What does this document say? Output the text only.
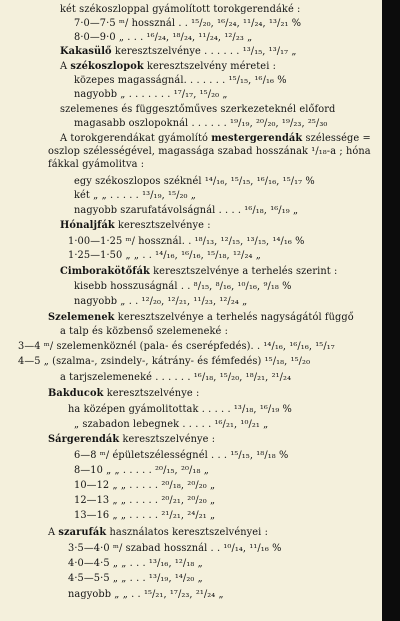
két székoszloppal gyámolított torokgerendáké :
7·0—7·5 ᵐ/ hossznál . . ¹⁵/₂₀, ¹⁶/₂₄, ¹¹/₂₄, ¹³/₂₁ %
8·0—9·0 „ . . . ¹⁶/₂₄, ¹⁸/₂₄, ¹¹/₂₄, ¹²/₂₃ „
Kakasülő keresztszelvénye . . . . . . ¹³/₁₅, ¹³/₁₇ „
A székoszlopok keresztszelvény méretei :
közepes magasságnál. . . . . . . ¹⁵/₁₅, ¹⁶/₁₆ %
nagyobb „ . . . . . . . ¹⁷/₁₇, ¹⁵/₂₀ „
szelemenes és függesztőműves szerkezeteknél előford
magasabb oszlopoknál . . . . . . ¹⁹/₁₉, ²⁰/₂₀, ¹⁹/₂₃, ²⁵/₃₀
A torokgerendákat gyámolító mestergerendák szélessége =
oszlop szélességével, magassága szabad hosszának ¹/₁₈-a ; hóna
fákkal gyámolitva :
egy székoszlopos széknél ¹⁴/₁₆, ¹⁵/₁₅, ¹⁶/₁₆, ¹⁵/₁₇ %
két „ „ . . . . . ¹³/₁₉, ¹⁵/₂₀ „
nagyobb szarufatávolságnál . . . . ¹⁶/₁₈, ¹⁶/₁₉ „
Hónaljfák keresztszelvénye :
1·00—1·25 ᵐ/ hossznál. . ¹⁸/₁₃, ¹²/₁₅, ¹³/₁₅, ¹⁴/₁₆ %
1·25—1·50 „ „ . . ¹⁴/₁₆, ¹⁶/₁₆, ¹⁵/₁₈, ¹²/₂₄ „
Cimborakötőfák keresztszelvénye a terhelés szerint :
kisebb hosszuságnál . . ⁸/₁₅, ⁸/₁₆, ¹⁰/₁₆, ⁹/₁₈ %
nagyobb „ . . ¹²/₂₀, ¹²/₂₁, ¹¹/₂₃, ¹²/₂₄ „
Szelemenek keresztszelvénye a terhelés nagyságától függő
a talp és közbenső szelemeneké :
3—4 ᵐ/ szelemenköznél (pala- és cserépfedés). . ¹⁴/₁₆, ¹⁶/₁₆, ¹⁵/₁₇
4—5 „ (szalma-, zsindely-, kátrány- és fémfedés) ¹⁵/₁₈, ¹⁵/₂₀
a tarjszelemeneké . . . . . . ¹⁶/₁₈, ¹⁵/₂₀, ¹⁸/₂₁, ²¹/₂₄
Bakducok keresztszelvénye :
ha középen gyámolitottak . . . . . ¹³/₁₈, ¹⁶/₁₉ %
„ szabadon lebegnek . . . . . ¹⁶/₂₁, ¹⁰/₂₁ „
Sárgerendák keresztszelvénye :
6—8 ᵐ/ épületszélességnél . . . ¹⁵/₁₅, ¹⁸/₁₈ %
8—10 „ „ . . . . . ²⁰/₁₅, ²⁰/₁₈ „
10—12 „ „ . . . . . ²⁰/₁₈, ²⁰/₂₀ „
12—13 „ „ . . . . . ²⁰/₂₁, ²⁰/₂₀ „
13—16 „ „ . . . . . ²¹/₂₁, ²⁴/₂₁ „
A szarufák használatos keresztszelvényei :
3·5—4·0 ᵐ/ szabad hossznál . . ¹⁰/₁₄, ¹¹/₁₆ %
4·0—4·5 „ „ . . . ¹³/₁₆, ¹²/₁₈ „
4·5—5·5 „ „ . . . ¹³/₁₉, ¹⁴/₂₀ „
nagyobb „ „ . . ¹⁵/₂₁, ¹⁷/₂₃, ²¹/₂₄ „
